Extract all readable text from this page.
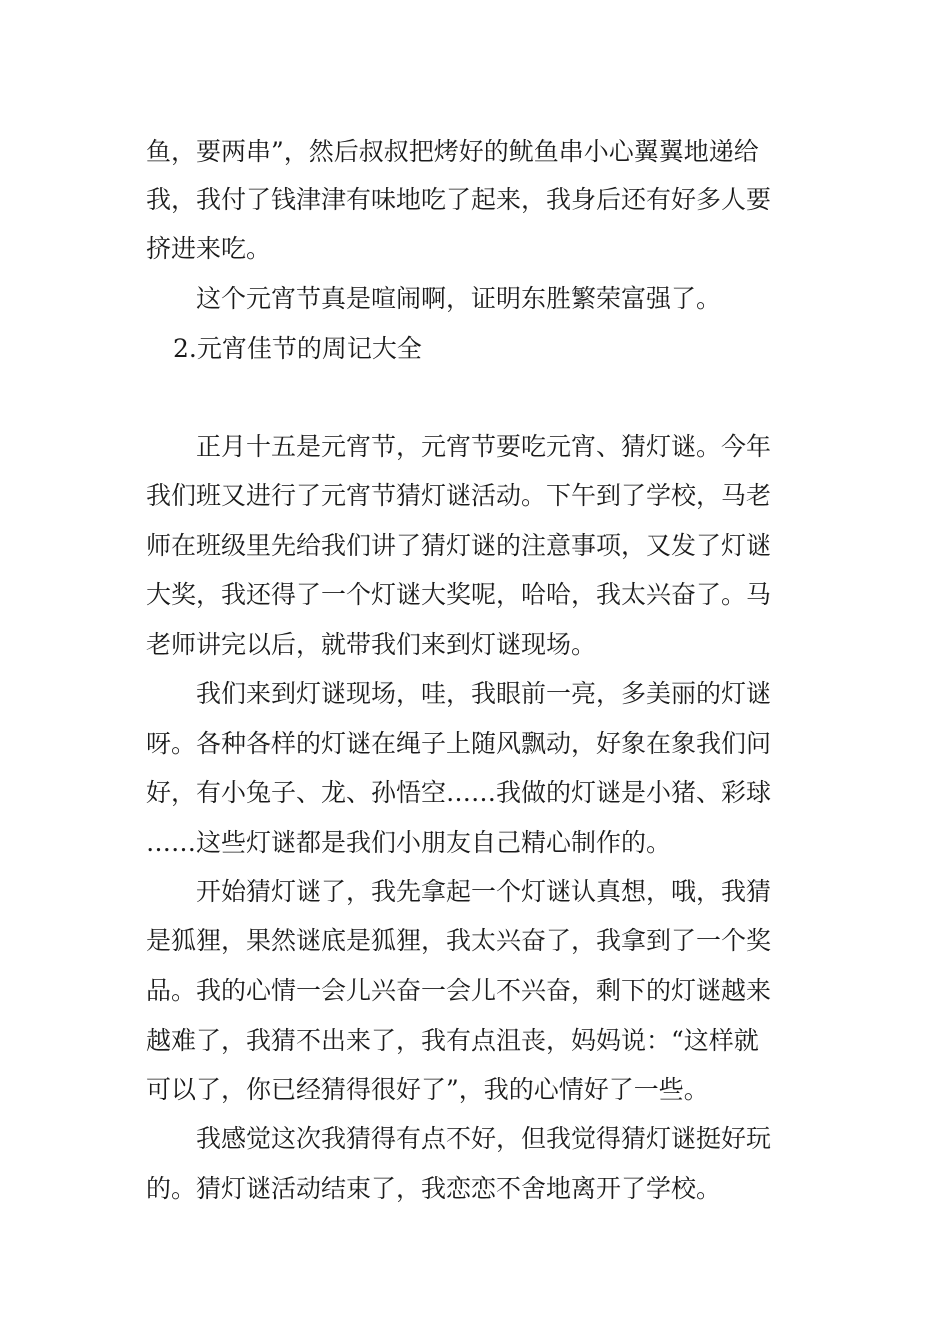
鱼，要两串”，然后叔叔把烤好的鱿鱼串小心翼翼地递给

我，我付了钱津津有味地吃了起来，我身后还有好多人要

挤进来吃。

这个元宵节真是喧闹啊，证明东胜繁荣富强了。

2.元宵佳节的周记大全

正月十五是元宵节，元宵节要吃元宵、猜灯谜。今年

我们班又进行了元宵节猜灯谜活动。下午到了学校，马老

师在班级里先给我们讲了猜灯谜的注意事项，又发了灯谜

大奖，我还得了一个灯谜大奖呢，哈哈，我太兴奋了。马

老师讲完以后，就带我们来到灯谜现场。

我们来到灯谜现场，哇，我眼前一亮，多美丽的灯谜

呀。各种各样的灯谜在绳子上随风飘动，好象在象我们问

好，有小兔子、龙、孙悟空……我做的灯谜是小猪、彩球

……这些灯谜都是我们小朋友自己精心制作的。

开始猜灯谜了，我先拿起一个灯谜认真想，哦，我猜

是狐狸，果然谜底是狐狸，我太兴奋了，我拿到了一个奖

品。我的心情一会儿兴奋一会儿不兴奋，剩下的灯谜越来

越难了，我猜不出来了，我有点沮丧，妈妈说：“这样就

可以了，你已经猜得很好了”，我的心情好了一些。

我感觉这次我猜得有点不好，但我觉得猜灯谜挺好玩

的。猜灯谜活动结束了，我恋恋不舍地离开了学校。
